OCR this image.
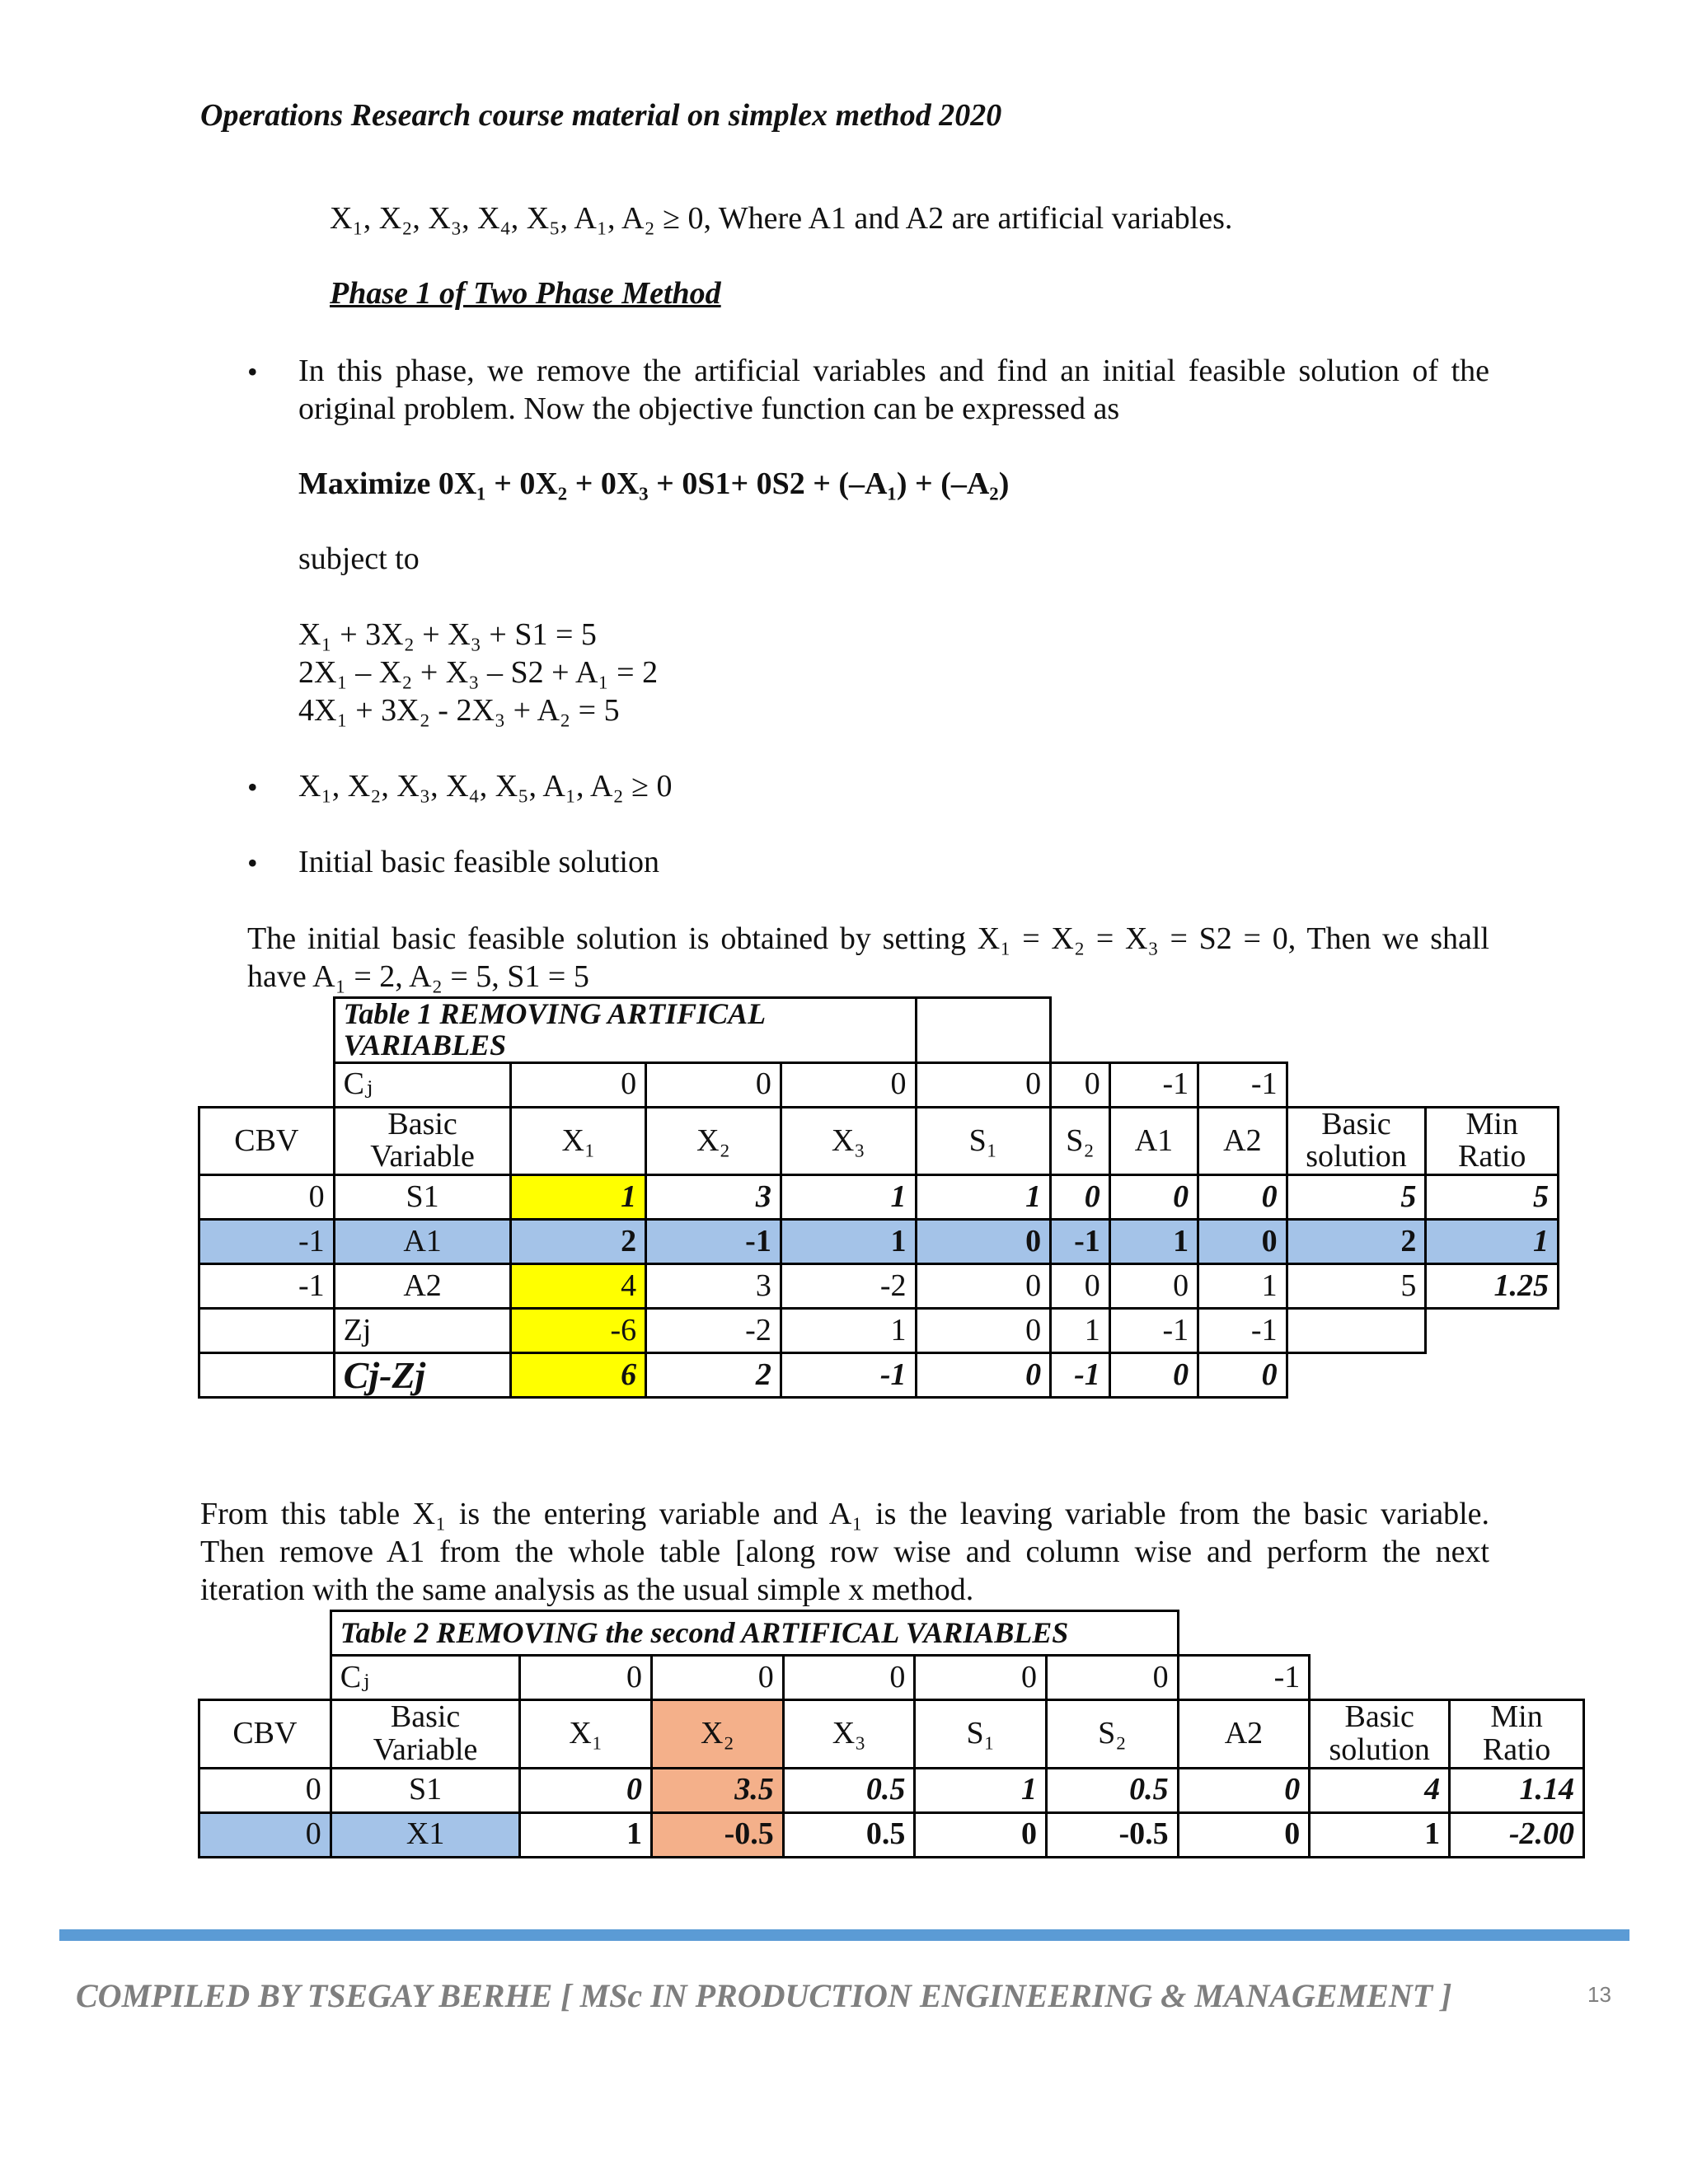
Operations Research course material on simplex method 2020
X₁, X₂, X₃, X₄, X₅, A₁, A₂ ≥ 0, Where A1 and A2 are artificial variables.
Phase 1 of Two Phase Method
• In this phase, we remove the artificial variables and find an initial feasible solution of the
original problem. Now the objective function can be expressed as
Maximize 0X₁ + 0X₂ + 0X₃ + 0S1+ 0S2 + (–A₁) + (–A₂)
subject to
X₁ + 3X₂ + X₃ + S1 = 5
2X₁ – X₂ + X₃ – S2 + A₁ = 2
4X₁ + 3X₂ - 2X₃ + A₂ = 5
• X₁, X₂, X₃, X₄, X₅, A₁, A₂ ≥ 0
• Initial basic feasible solution
The initial basic feasible solution is obtained by setting X₁ = X₂ = X₃ = S2 = 0, Then we shall
have A₁ = 2, A₂ = 5, S1 = 5
	Table 1 REMOVING ARTIFICAL VARIABLES									
	Cⱼ	0	0	0	0	0	-1	-1		
CBV	Basic Variable	X₁	X₂	X₃	S₁	S₂	A1	A2	Basic solution	Min Ratio
0	S1	1	3	1	1	0	0	0	5	5
-1	A1	2	-1	1	0	-1	1	0	2	1
-1	A2	4	3	-2	0	0	0	1	5	1.25
	Zj	-6	-2	1	0	1	-1	-1		
	Cj-Zj	6	2	-1	0	-1	0	0		
From this table X₁ is the entering variable and A₁ is the leaving variable from the basic variable.
Then remove A1 from the whole table [along row wise and column wise and perform the next
iteration with the same analysis as the usual simple x method.
	Table 2 REMOVING the second ARTIFICAL VARIABLES								
	Cⱼ	0	0	0	0	0	-1		
CBV	Basic Variable	X₁	X₂	X₃	S₁	S₂	A2	Basic solution	Min Ratio
0	S1	0	3.5	0.5	1	0.5	0	4	1.14
0	X1	1	-0.5	0.5	0	-0.5	0	1	-2.00
COMPILED BY TSEGAY BERHE [ MSc IN PRODUCTION ENGINEERING & MANAGEMENT ]	13
